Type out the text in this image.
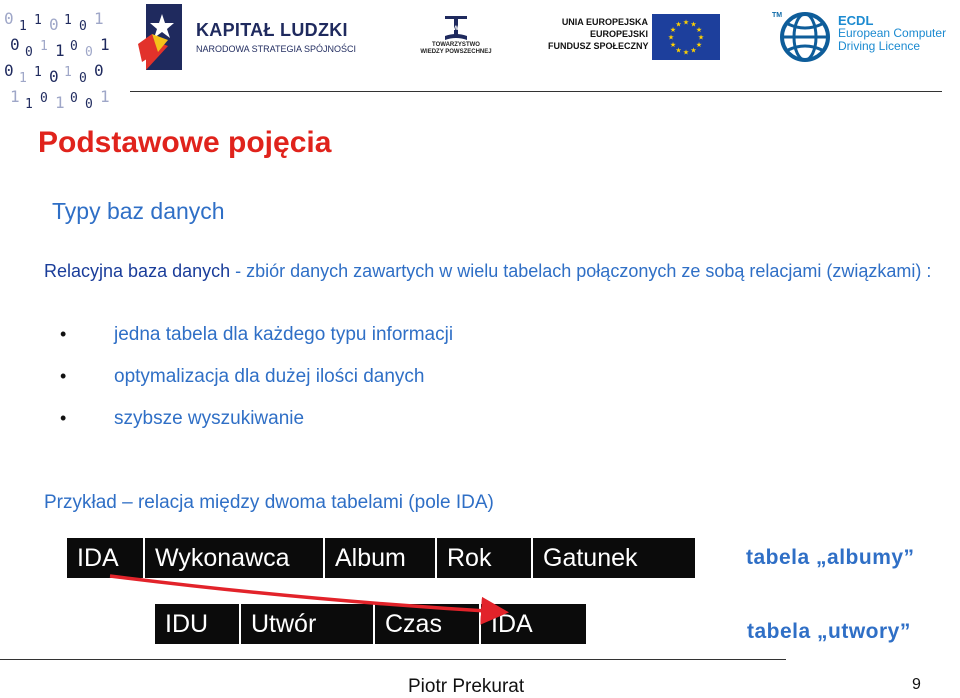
0 1 1 0 1 0 1
0 0 1 1 0 0 1
0 1 1 0 1 0 0
1 1 0 1 0 0 1
KAPITAŁ LUDZKI
NARODOWA STRATEGIA SPÓJNOŚCI
TWP
TOWARZYSTWO
WIEDZY POWSZECHNEJ
UNIA EUROPEJSKA
EUROPEJSKI
FUNDUSZ SPOŁECZNY
★ ★
★
★
★
★
★
★
★
★
★
★
TM	ECDL
European Computer
Driving Licence
Podstawowe pojęcia
Typy baz danych
Relacyjna baza danych - zbiór danych zawartych w wielu tabelach połączonych ze sobą relacjami (związkami) :
•	jedna tabela dla każdego typu informacji
•	optymalizacja dla dużej ilości danych
•	szybsze wyszukiwanie
Przykład – relacja między dwoma tabelami (pole IDA)
IDA	Wykonawca	Album	Rok	Gatunek	tabela „albumy”
IDU	Utwór	Czas	IDA	tabela „utwory”
Piotr Prekurat	9
